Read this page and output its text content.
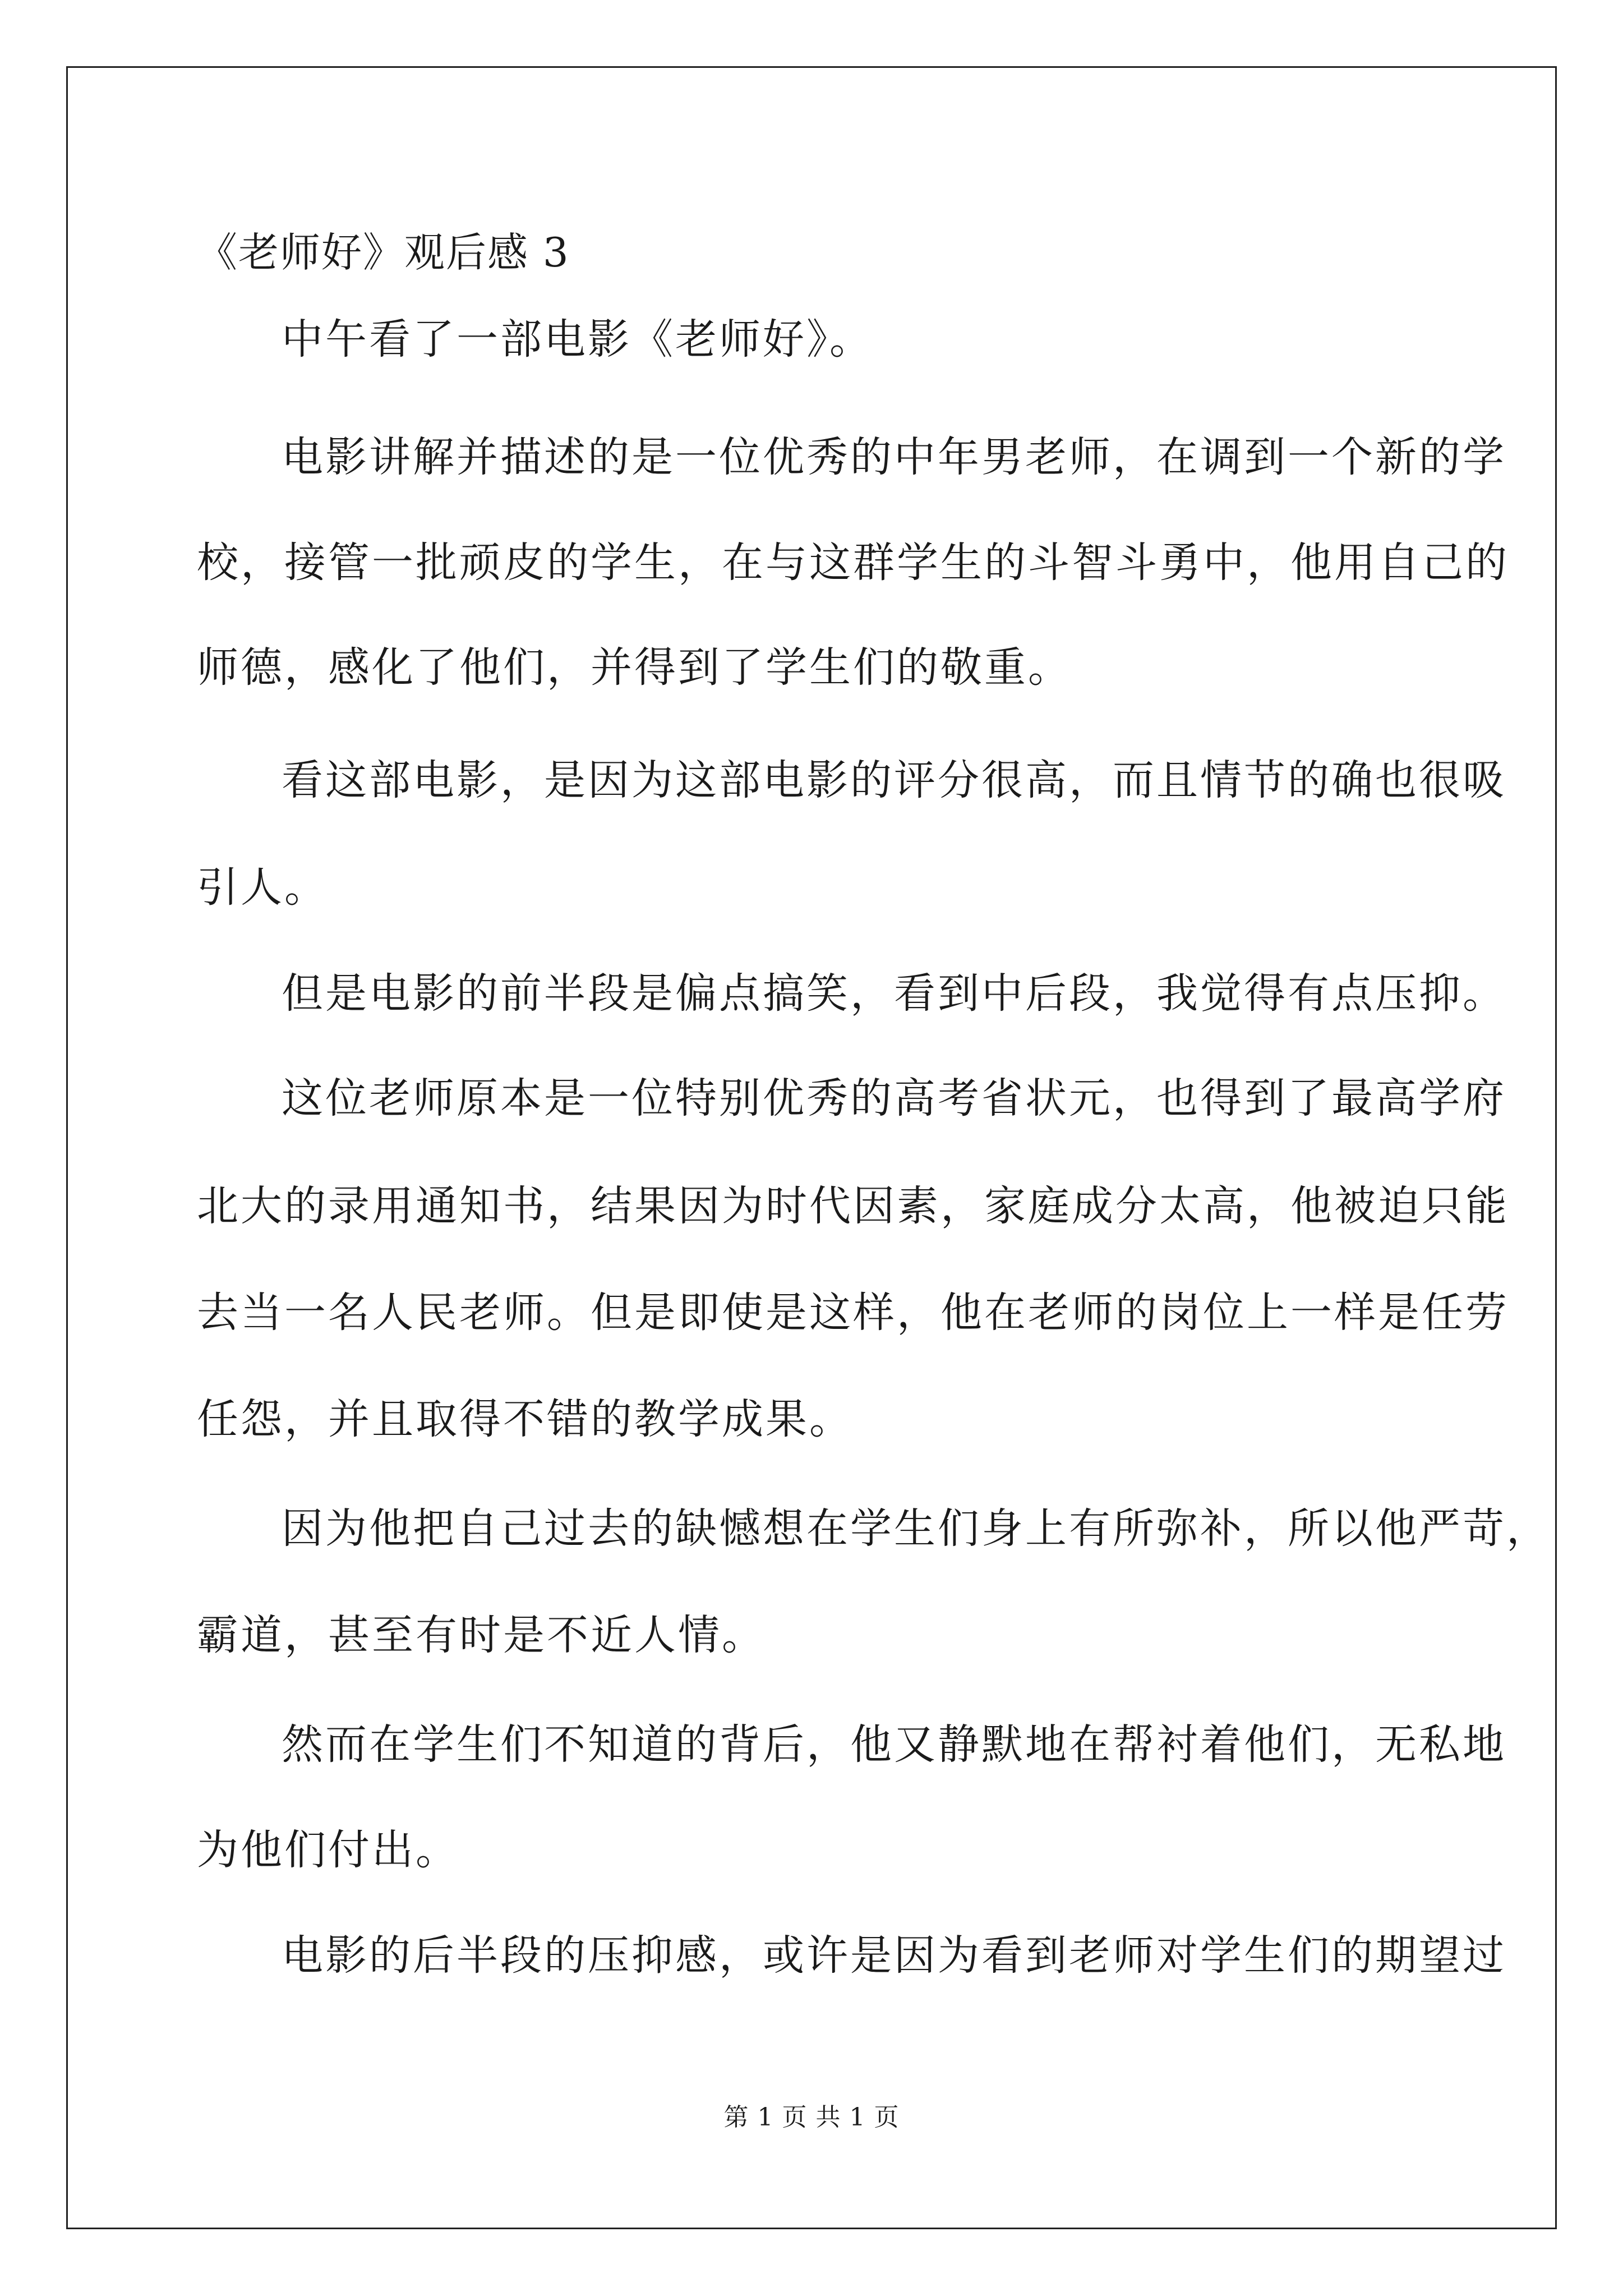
《老师好》观后感 3
中午看了一部电影《老师好》。
电影讲解并描述的是一位优秀的中年男老师，在调到一个新的学
校，接管一批顽皮的学生，在与这群学生的斗智斗勇中，他用自己的
师德，感化了他们，并得到了学生们的敬重。
看这部电影，是因为这部电影的评分很高，而且情节的确也很吸
引人。
但是电影的前半段是偏点搞笑，看到中后段，我觉得有点压抑。
这位老师原本是一位特别优秀的高考省状元，也得到了最高学府
北大的录用通知书，结果因为时代因素，家庭成分太高，他被迫只能
去当一名人民老师。但是即使是这样，他在老师的岗位上一样是任劳
任怨，并且取得不错的教学成果。
因为他把自己过去的缺憾想在学生们身上有所弥补，所以他严苛，
霸道，甚至有时是不近人情。
然而在学生们不知道的背后，他又静默地在帮衬着他们，无私地
为他们付出。
电影的后半段的压抑感，或许是因为看到老师对学生们的期望过
第 1 页 共 1 页
